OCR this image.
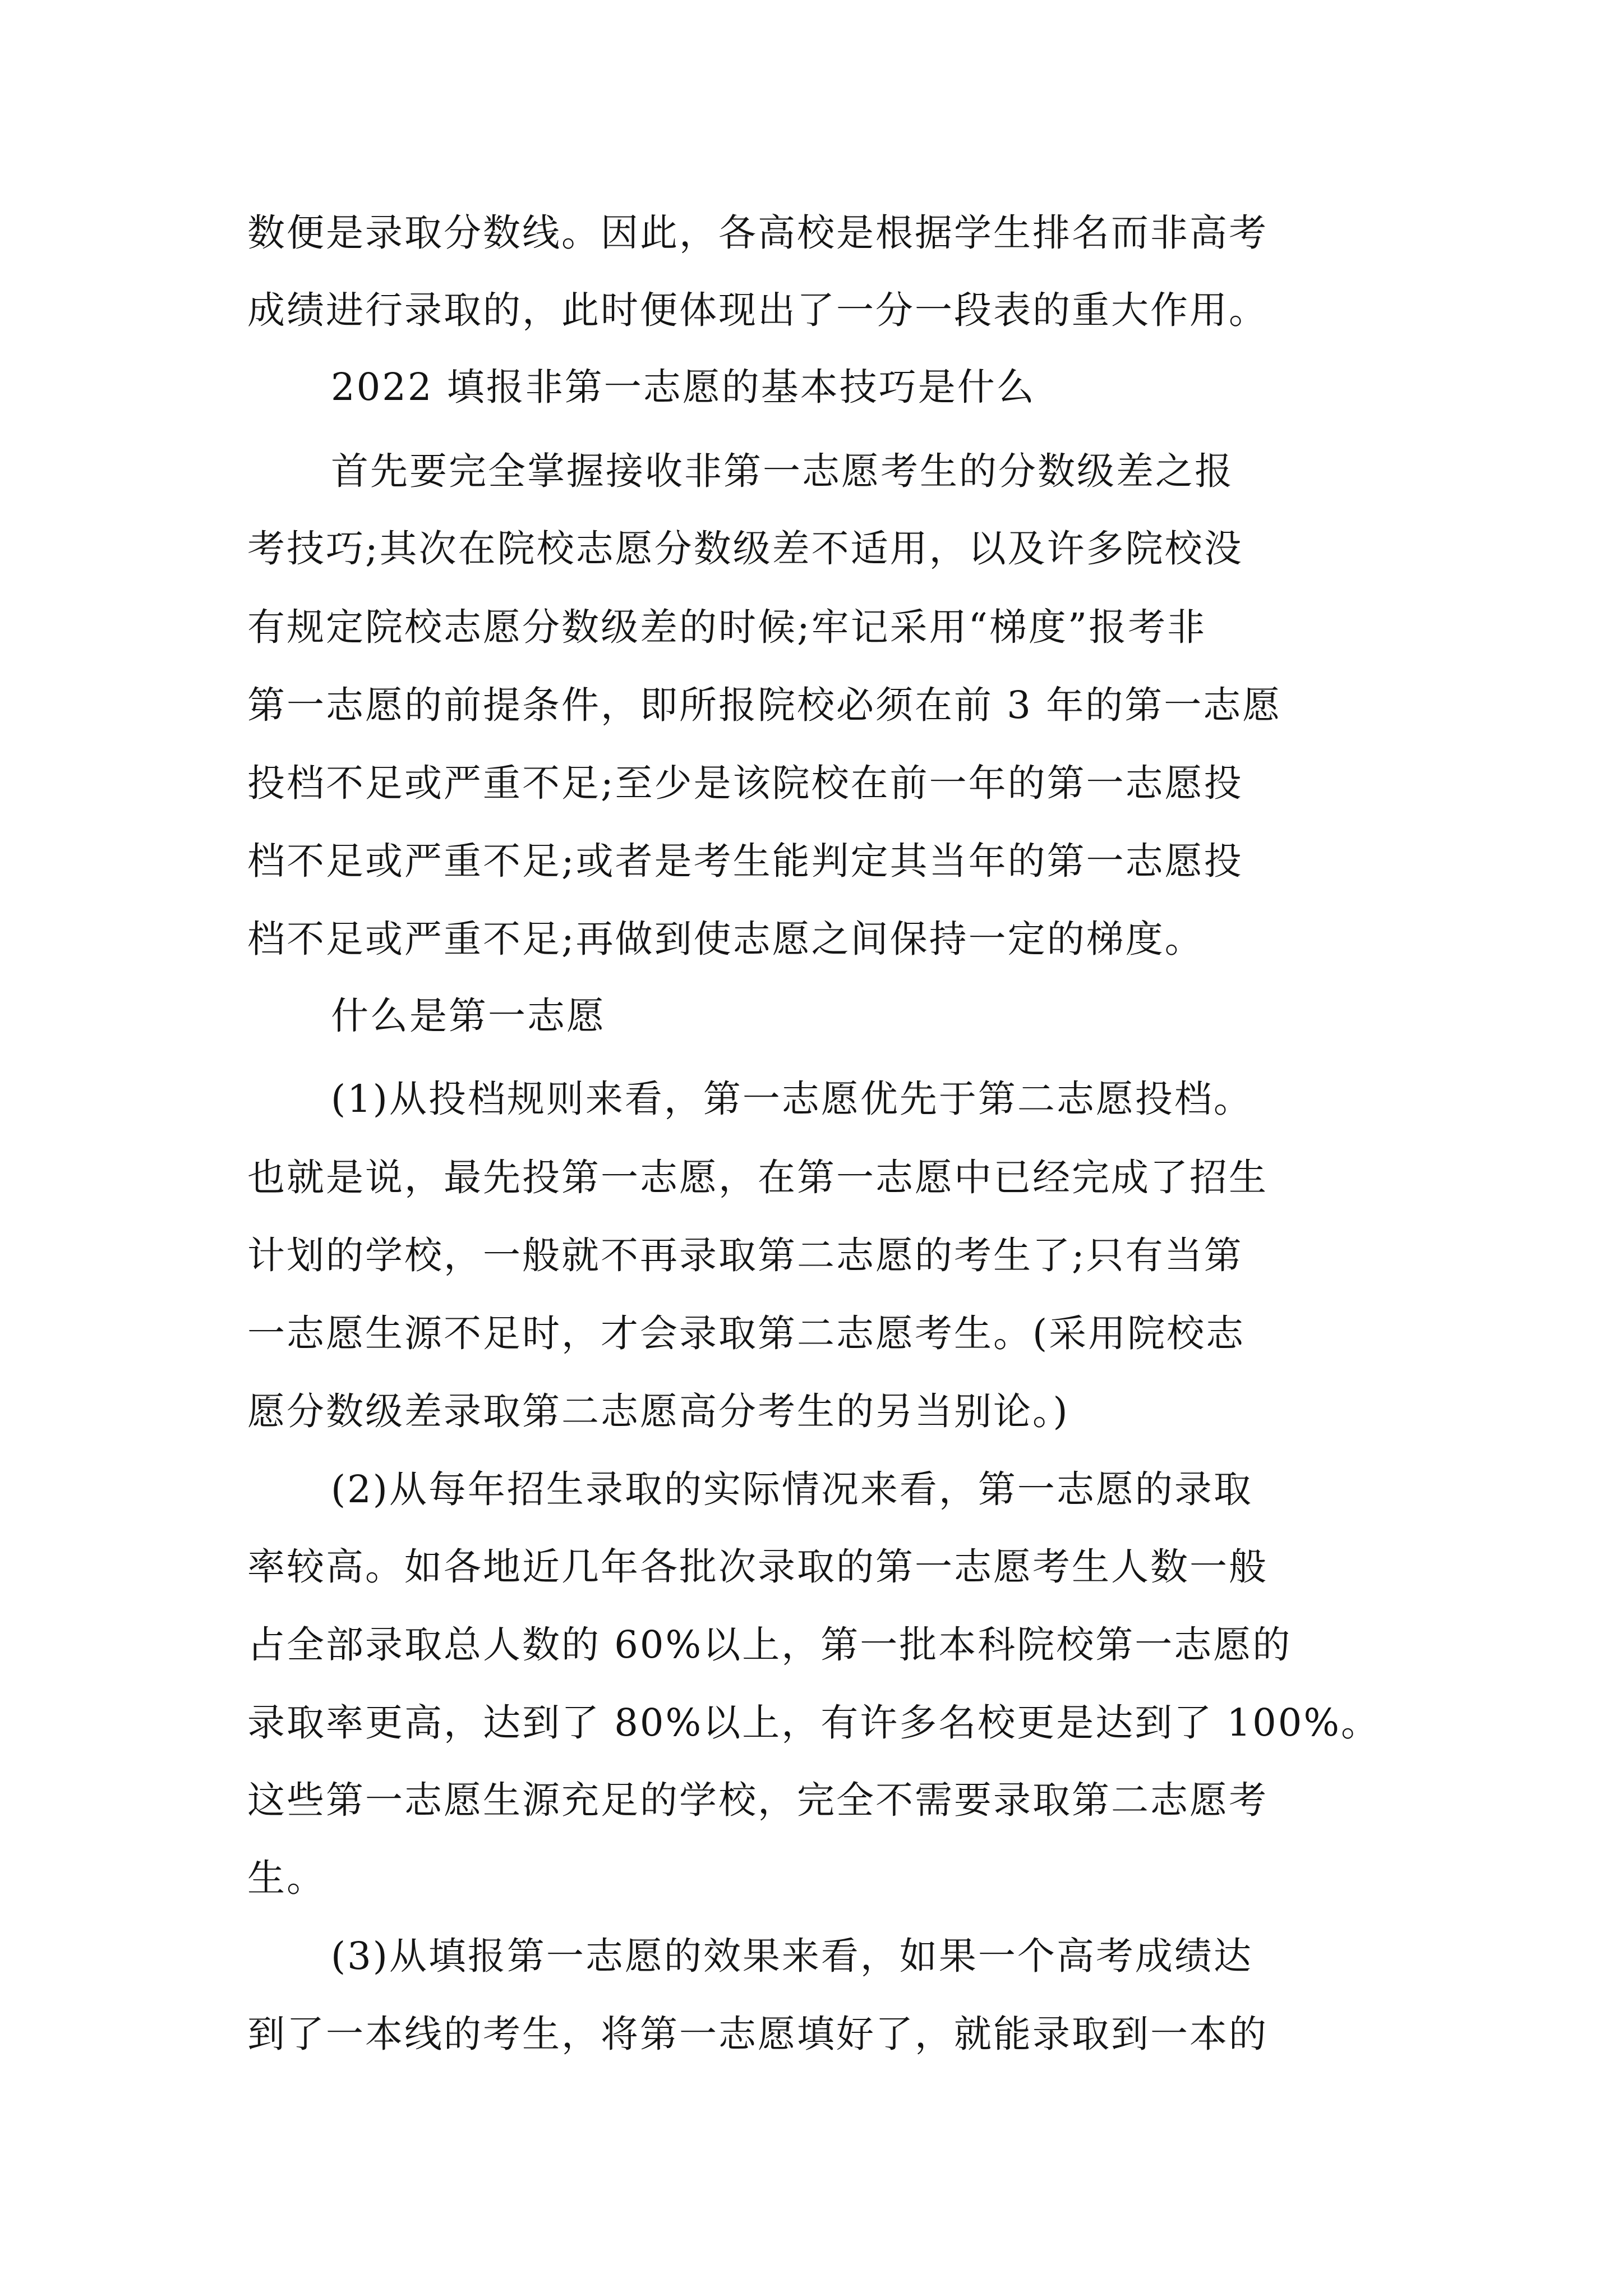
数便是录取分数线。因此，各高校是根据学生排名而非高考
成绩进行录取的，此时便体现出了一分一段表的重大作用。
2022 填报非第一志愿的基本技巧是什么
首先要完全掌握接收非第一志愿考生的分数级差之报
考技巧;其次在院校志愿分数级差不适用，以及许多院校没
有规定院校志愿分数级差的时候;牢记采用“梯度”报考非
第一志愿的前提条件，即所报院校必须在前 3 年的第一志愿
投档不足或严重不足;至少是该院校在前一年的第一志愿投
档不足或严重不足;或者是考生能判定其当年的第一志愿投
档不足或严重不足;再做到使志愿之间保持一定的梯度。
什么是第一志愿
(1)从投档规则来看，第一志愿优先于第二志愿投档。
也就是说，最先投第一志愿，在第一志愿中已经完成了招生
计划的学校，一般就不再录取第二志愿的考生了;只有当第
一志愿生源不足时，才会录取第二志愿考生。(采用院校志
愿分数级差录取第二志愿高分考生的另当别论。)
(2)从每年招生录取的实际情况来看，第一志愿的录取
率较高。如各地近几年各批次录取的第一志愿考生人数一般
占全部录取总人数的 60%以上，第一批本科院校第一志愿的
录取率更高，达到了 80%以上，有许多名校更是达到了 100%。
这些第一志愿生源充足的学校，完全不需要录取第二志愿考
生。
(3)从填报第一志愿的效果来看，如果一个高考成绩达
到了一本线的考生，将第一志愿填好了，就能录取到一本的
